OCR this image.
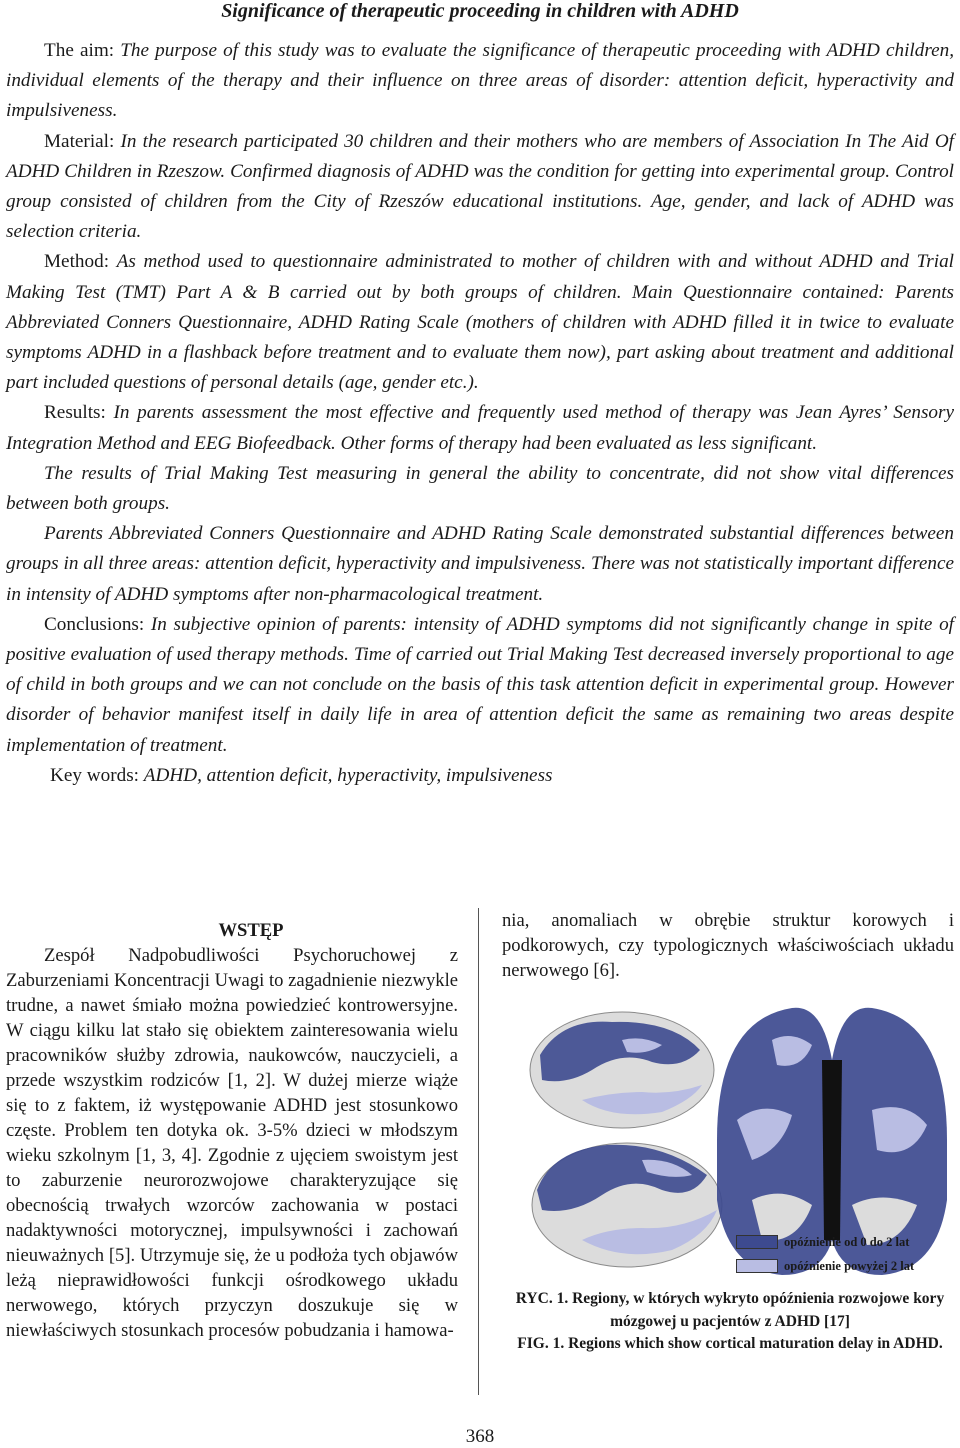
Significance of therapeutic proceeding in children with ADHD

The aim: The purpose of this study was to evaluate the significance of therapeutic proceeding with ADHD children, individual elements of the therapy and their influence on three areas of disorder: attention deficit, hyperactivity and impulsiveness.

Material: In the research participated 30 children and their mothers who are members of Association In The Aid Of ADHD Children in Rzeszow. Confirmed diagnosis of ADHD was the condition for getting into experimental group. Control group consisted of children from the City of Rzeszów educational institutions. Age, gender, and lack of ADHD was selection criteria.

Method: As method used to questionnaire administrated to mother of children with and without ADHD and Trial Making Test (TMT) Part A & B carried out by both groups of children. Main Questionnaire contained: Parents Abbreviated Conners Questionnaire, ADHD Rating Scale (mothers of children with ADHD filled it in twice to evaluate symptoms ADHD in a flashback before treatment and to evaluate them now), part asking about treatment and additional part included questions of personal details (age, gender etc.).

Results: In parents assessment the most effective and frequently used method of therapy was Jean Ayres’ Sensory Integration Method and EEG Biofeedback. Other forms of therapy had been evaluated as less significant.

The results of Trial Making Test measuring in general the ability to concentrate, did not show vital differences between both groups.

Parents Abbreviated Conners Questionnaire and ADHD Rating Scale demonstrated substantial differences between groups in all three areas: attention deficit, hyperactivity and impulsiveness. There was not statistically important difference in intensity of ADHD symptoms after non-pharmacological treatment.

Conclusions: In subjective opinion of parents: intensity of ADHD symptoms did not significantly change in spite of positive evaluation of used therapy methods. Time of carried out Trial Making Test decreased inversely proportional to age of child in both groups and we can not conclude on the basis of this task attention deficit in experimental group. However disorder of behavior manifest itself in daily life in area of attention deficit the same as remaining two areas despite implementation of treatment.

Key words: ADHD, attention deficit, hyperactivity, impulsiveness

WSTĘP

Zespół Nadpobudliwości Psychoruchowej z Zaburzeniami Koncentracji Uwagi to zagadnienie niezwykle trudne, a nawet śmiało można powiedzieć kontrowersyjne. W ciągu kilku lat stało się obiektem zainteresowania wielu pracowników służby zdrowia, naukowców, nauczycieli, a przede wszystkim rodziców [1, 2]. W dużej mierze wiąże się to z faktem, iż występowanie ADHD jest stosunkowo częste. Problem ten dotyka ok. 3-5% dzieci w młodszym wieku szkolnym [1, 3, 4]. Zgodnie z ujęciem swoistym jest to zaburzenie neurorozwojowe charakteryzujące się obecnością trwałych wzorców zachowania w postaci nadaktywności motorycznej, impulsywności i zachowań nieuważnych [5]. Utrzymuje się, że u podłoża tych objawów leżą nieprawidłowości funkcji ośrodkowego układu nerwowego, których przyczyn doszukuje się w niewłaściwych stosunkach procesów pobudzania i hamowa-

nia, anomaliach w obrębie struktur korowych i podkorowych, czy typologicznych właściwościach układu nerwowego [6].

opóźnienie od 0 do 2 lat
opóźnienie powyżej 2 lat

RYC. 1. Regiony, w których wykryto opóźnienia rozwojowe kory mózgowej u pacjentów z ADHD [17]

FIG. 1. Regions which show cortical maturation delay in ADHD.

368
